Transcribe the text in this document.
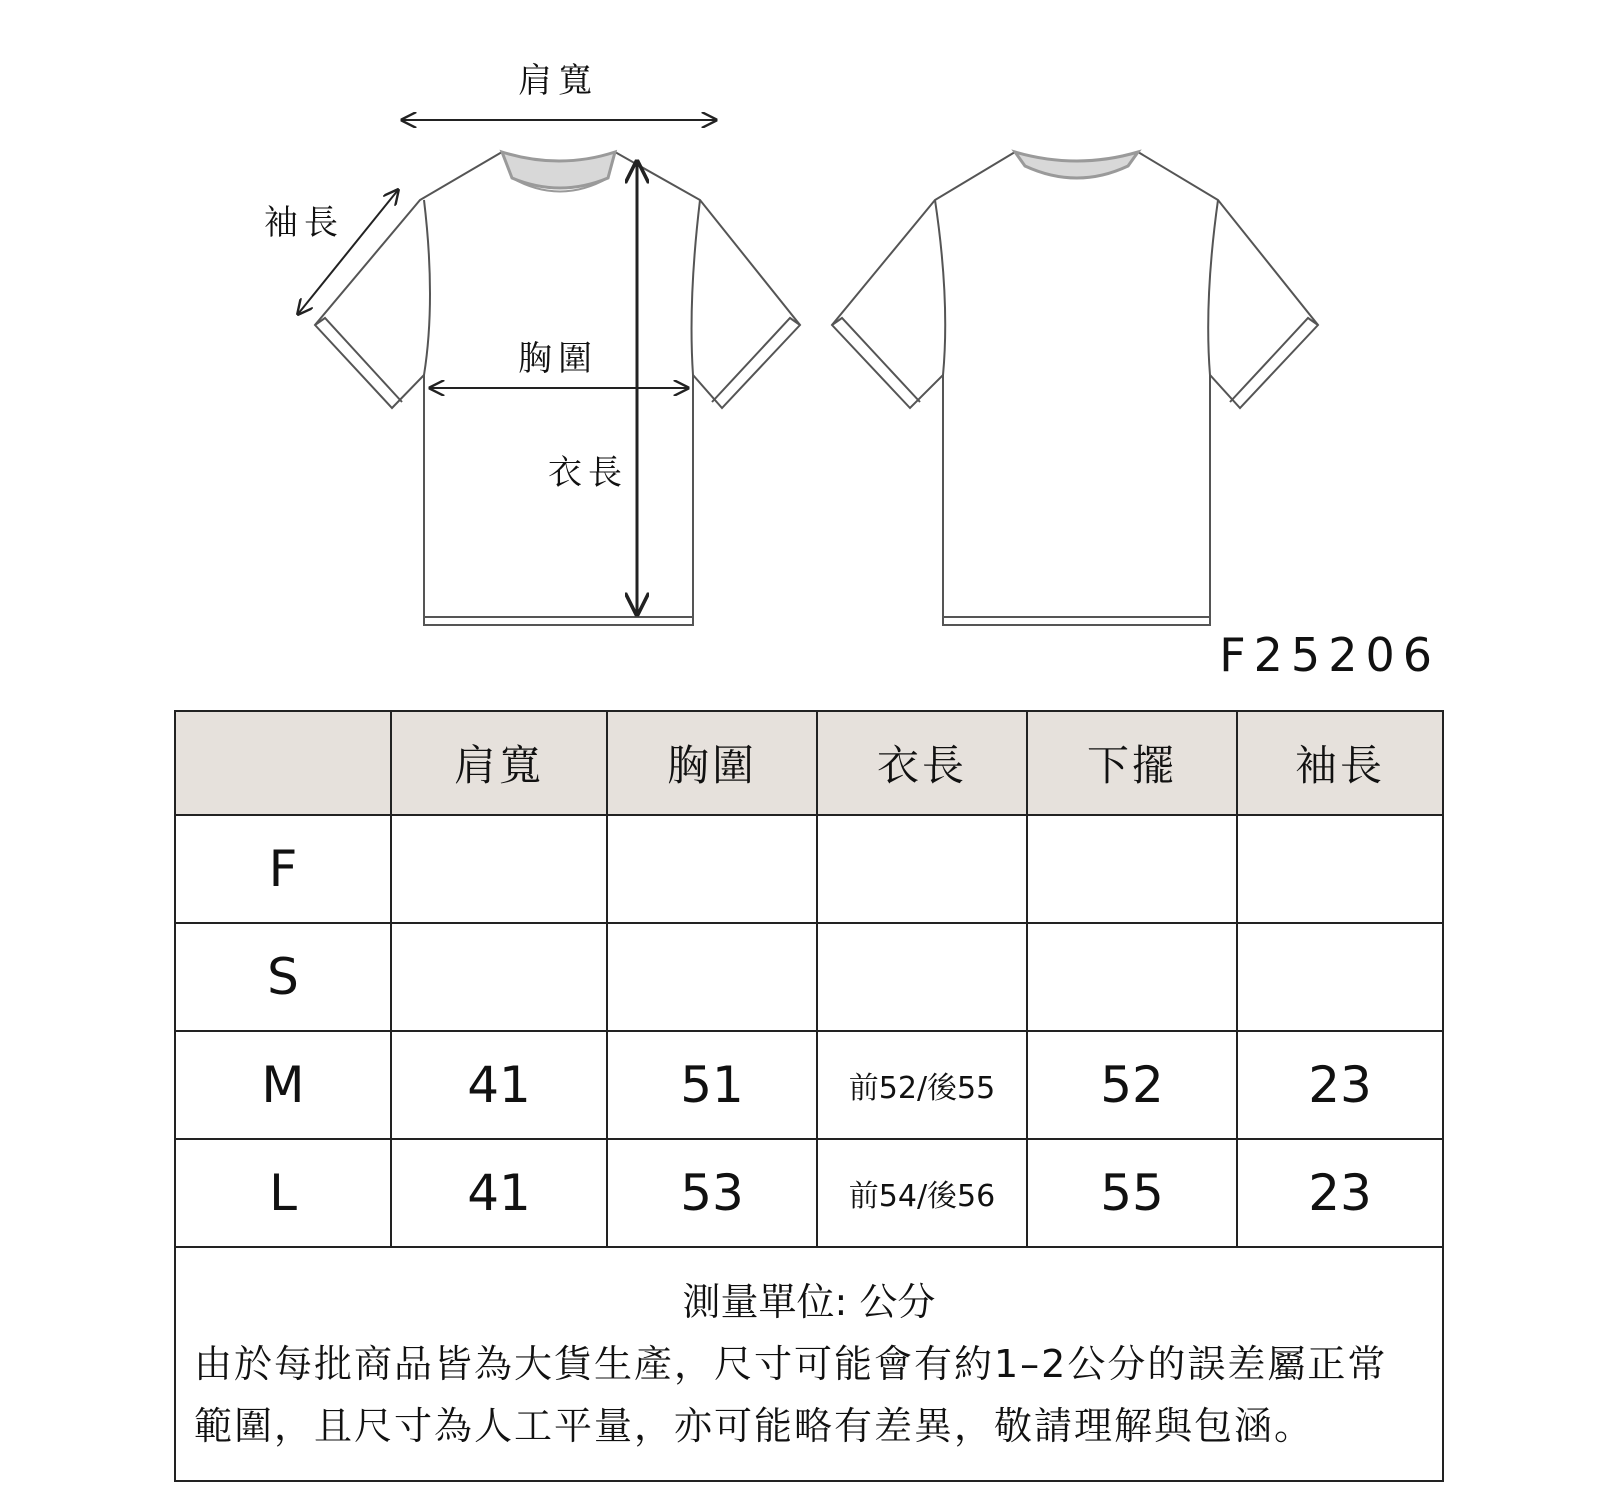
肩寬
袖長
胸圍
衣長
F25206
	肩寬	胸圍	衣長	下擺	袖長
F					
S					
M	41	51	前52/後55	52	23
L	41	53	前54/後56	55	23

測量單位: 公分
由於每批商品皆為大貨生產，尺寸可能會有約1–2公分的誤差屬正常範圍，且尺寸為人工平量，亦可能略有差異，敬請理解與包涵。					
